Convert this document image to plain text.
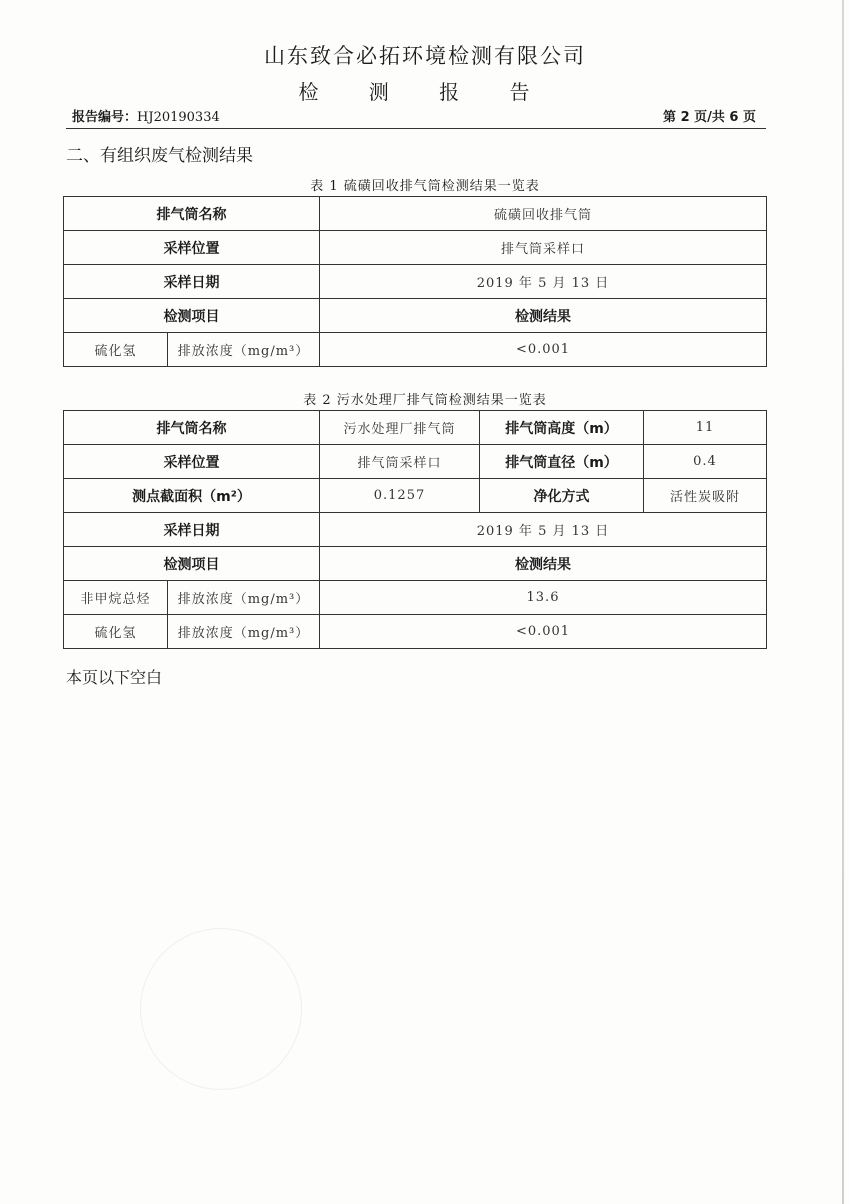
山东致合必拓环境检测有限公司
检 测 报 告
报告编号：HJ20190334	第 2 页/共 6 页
二、有组织废气检测结果
表 1 硫磺回收排气筒检测结果一览表
排气筒名称		硫磺回收排气筒
采样位置		排气筒采样口
采样日期		2019 年 5 月 13 日
检测项目		检测结果
硫化氢	排放浓度（mg/m³）	<0.001
表 2 污水处理厂排气筒检测结果一览表
排气筒名称		污水处理厂排气筒	排气筒高度（m）	11
采样位置		排气筒采样口	排气筒直径（m）	0.4
测点截面积（m²）		0.1257	净化方式	活性炭吸附
采样日期		2019 年 5 月 13 日		
检测项目		检测结果		
非甲烷总烃	排放浓度（mg/m³）	13.6		
硫化氢	排放浓度（mg/m³）	<0.001		
本页以下空白
